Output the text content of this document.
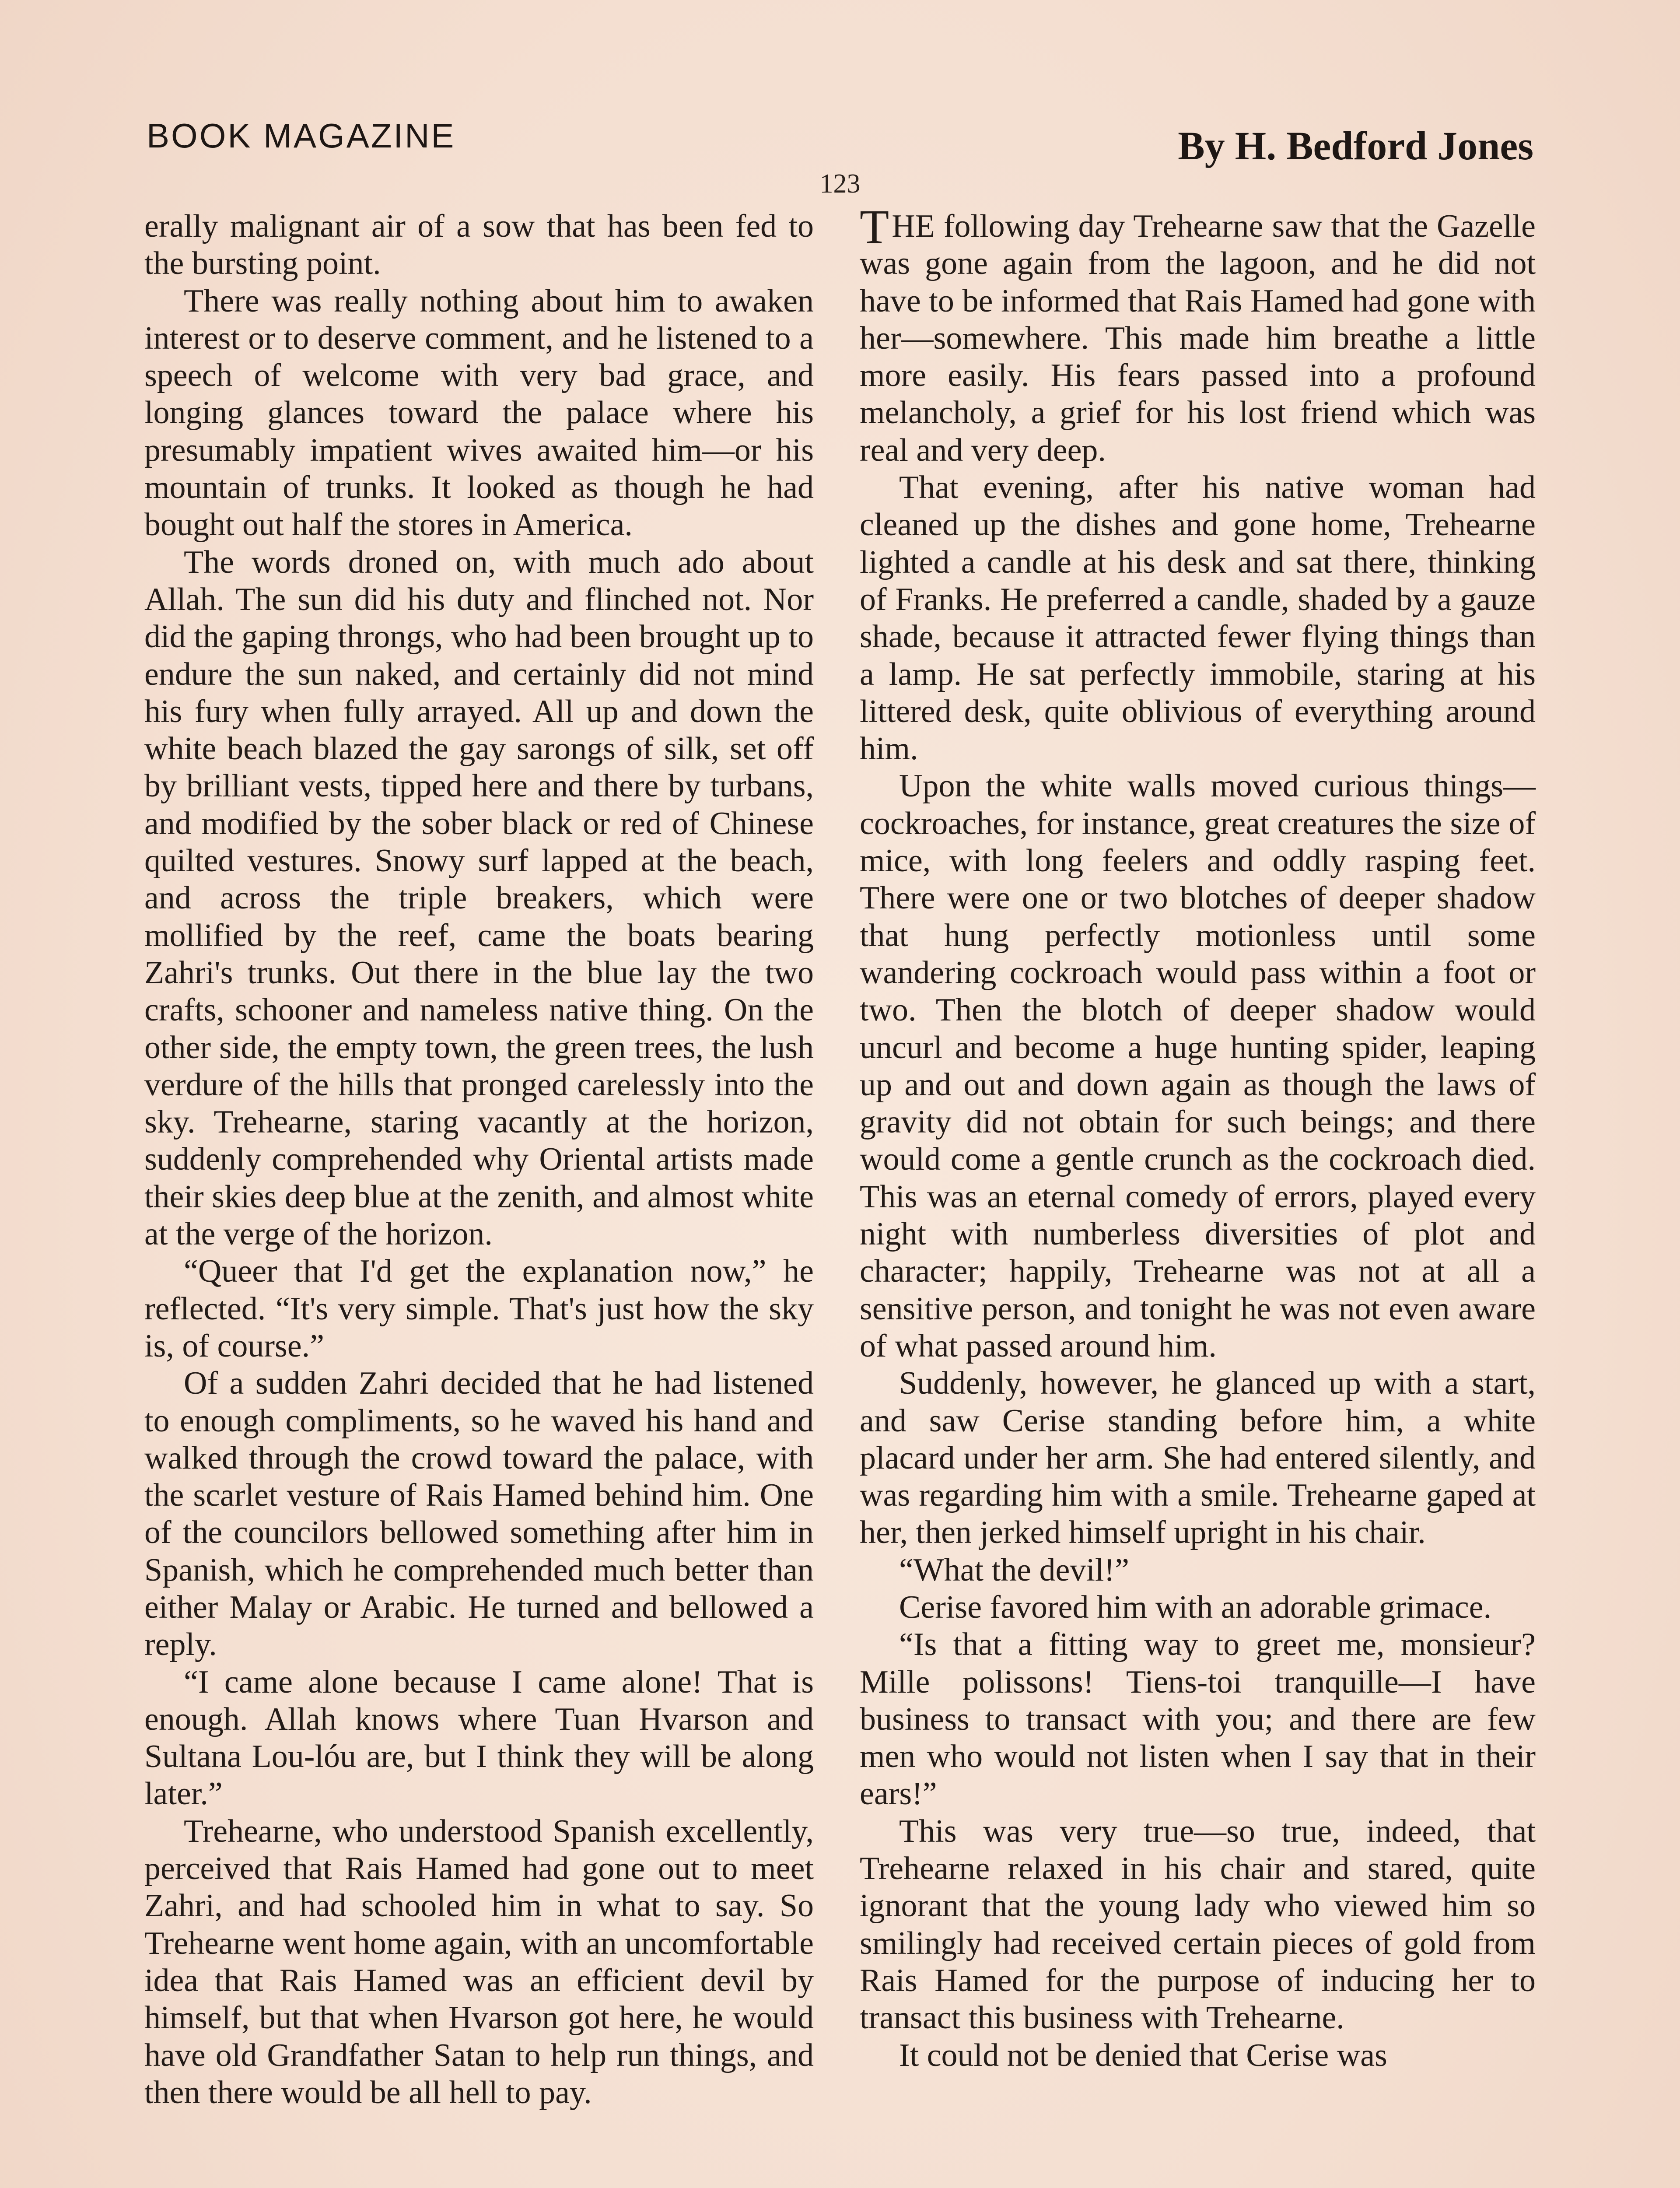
BOOK MAGAZINE	By H. Bedford Jones
123

erally malignant air of a sow that has been fed to the bursting point.

There was really nothing about him to awaken interest or to deserve comment, and he listened to a speech of welcome with very bad grace, and longing glances toward the palace where his presumably impatient wives awaited him—or his mountain of trunks. It looked as though he had bought out half the stores in America.

The words droned on, with much ado about Allah. The sun did his duty and flinched not. Nor did the gaping throngs, who had been brought up to endure the sun naked, and certainly did not mind his fury when fully arrayed. All up and down the white beach blazed the gay sarongs of silk, set off by brilliant vests, tipped here and there by turbans, and modified by the sober black or red of Chinese quilted vestures. Snowy surf lapped at the beach, and across the triple breakers, which were mollified by the reef, came the boats bearing Zahri's trunks. Out there in the blue lay the two crafts, schooner and nameless native thing. On the other side, the empty town, the green trees, the lush verdure of the hills that pronged carelessly into the sky. Trehearne, staring vacantly at the horizon, suddenly comprehended why Oriental artists made their skies deep blue at the zenith, and almost white at the verge of the horizon.

“Queer that I'd get the explanation now,” he reflected. “It's very simple. That's just how the sky is, of course.”

Of a sudden Zahri decided that he had listened to enough compliments, so he waved his hand and walked through the crowd toward the palace, with the scarlet vesture of Rais Hamed behind him. One of the councilors bellowed something after him in Spanish, which he comprehended much better than either Malay or Arabic. He turned and bellowed a reply.

“I came alone because I came alone! That is enough. Allah knows where Tuan Hvarson and Sultana Lou-lóu are, but I think they will be along later.”

Trehearne, who understood Spanish excellently, perceived that Rais Hamed had gone out to meet Zahri, and had schooled him in what to say. So Trehearne went home again, with an uncomfortable idea that Rais Hamed was an efficient devil by himself, but that when Hvarson got here, he would have old Grandfather Satan to help run things, and then there would be all hell to pay.

T HE following day Trehearne saw that the Gazelle was gone again from the lagoon, and he did not have to be informed that Rais Hamed had gone with her—somewhere. This made him breathe a little more easily. His fears passed into a profound melancholy, a grief for his lost friend which was real and very deep.

That evening, after his native woman had cleaned up the dishes and gone home, Trehearne lighted a candle at his desk and sat there, thinking of Franks. He preferred a candle, shaded by a gauze shade, because it attracted fewer flying things than a lamp. He sat perfectly immobile, staring at his littered desk, quite oblivious of everything around him.

Upon the white walls moved curious things—cockroaches, for instance, great creatures the size of mice, with long feelers and oddly rasping feet. There were one or two blotches of deeper shadow that hung perfectly motionless until some wandering cockroach would pass within a foot or two. Then the blotch of deeper shadow would uncurl and become a huge hunting spider, leaping up and out and down again as though the laws of gravity did not obtain for such beings; and there would come a gentle crunch as the cockroach died. This was an eternal comedy of errors, played every night with numberless diversities of plot and character; happily, Trehearne was not at all a sensitive person, and tonight he was not even aware of what passed around him.

Suddenly, however, he glanced up with a start, and saw Cerise standing before him, a white placard under her arm. She had entered silently, and was regarding him with a smile. Trehearne gaped at her, then jerked himself upright in his chair.

“What the devil!”

Cerise favored him with an adorable grimace.

“Is that a fitting way to greet me, monsieur? Mille polissons! Tiens-toi tranquille—I have business to transact with you; and there are few men who would not listen when I say that in their ears!”

This was very true—so true, indeed, that Trehearne relaxed in his chair and stared, quite ignorant that the young lady who viewed him so smilingly had received certain pieces of gold from Rais Hamed for the purpose of inducing her to transact this business with Trehearne.

It could not be denied that Cerise was
